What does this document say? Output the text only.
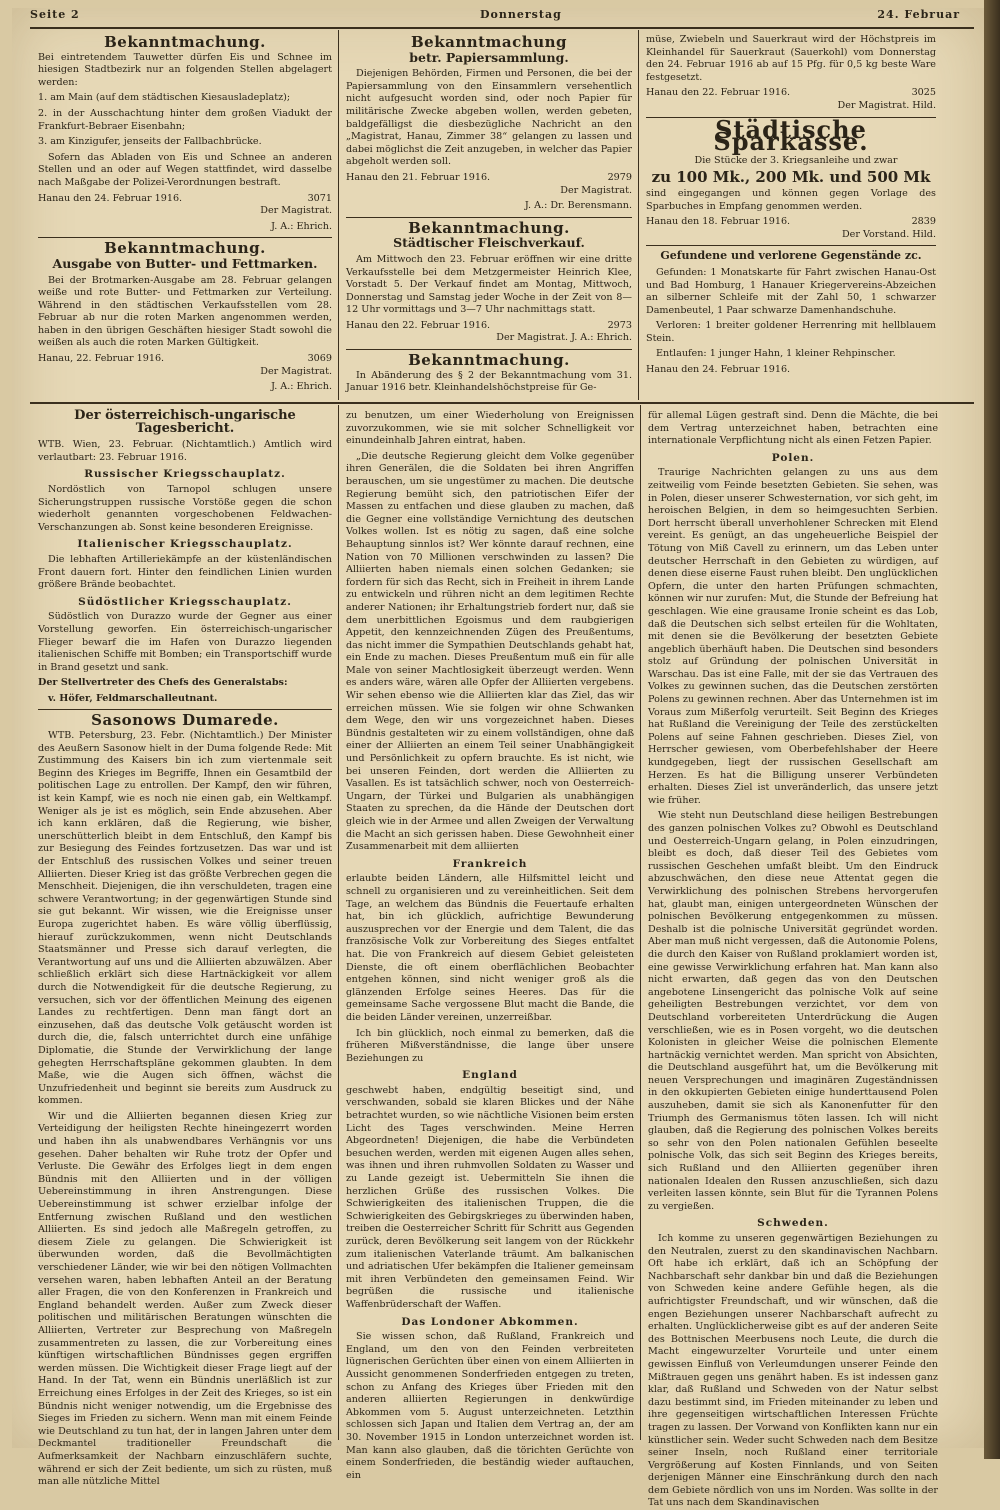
Seite 2	Donnerstag	24. Februar
Bekanntmachung.

Bei eintretendem Tauwetter dürfen Eis und Schnee im hiesigen Stadtbezirk nur an folgenden Stellen abgelagert werden:

1. am Main (auf dem städtischen Kiesausladeplatz);

2. in der Ausschachtung hinter dem großen Viadukt der Frankfurt-Bebraer Eisenbahn;

3. am Kinzigufer, jenseits der Fallbachbrücke.

Sofern das Abladen von Eis und Schnee an anderen Stellen und an oder auf Wegen stattfindet, wird dasselbe nach Maßgabe der Polizei-Verordnungen bestraft.

Hanau den 24. Februar 1916.	3071

Der Magistrat.

J. A.: Ehrich.

Bekanntmachung.
Ausgabe von Butter- und Fettmarken.

Bei der Brotmarken-Ausgabe am 28. Februar gelangen weiße und rote Butter- und Fettmarken zur Verteilung. Während in den städtischen Verkaufsstellen vom 28. Februar ab nur die roten Marken angenommen werden, haben in den übrigen Geschäften hiesiger Stadt sowohl die weißen als auch die roten Marken Gültigkeit.

Hanau, 22. Februar 1916.	3069

Der Magistrat.

J. A.: Ehrich.

Bekanntmachung
betr. Papiersammlung.

Diejenigen Behörden, Firmen und Personen, die bei der Papiersammlung von den Einsammlern versehentlich nicht aufgesucht worden sind, oder noch Papier für militärische Zwecke abgeben wollen, werden gebeten, baldgefälligst die diesbezügliche Nachricht an den „Magistrat, Hanau, Zimmer 38“ gelangen zu lassen und dabei möglichst die Zeit anzugeben, in welcher das Papier abgeholt werden soll.

Hanau den 21. Februar 1916.	2979

Der Magistrat.

J. A.: Dr. Berensmann.

Bekanntmachung.
Städtischer Fleischverkauf.

Am Mittwoch den 23. Februar eröffnen wir eine dritte Verkaufsstelle bei dem Metzgermeister Heinrich Klee, Vorstadt 5. Der Verkauf findet am Montag, Mittwoch, Donnerstag und Samstag jeder Woche in der Zeit von 8—12 Uhr vormittags und 3—7 Uhr nachmittags statt.

Hanau den 22. Februar 1916.	2973

Der Magistrat. J. A.: Ehrich.

Bekanntmachung.

In Abänderung des § 2 der Bekanntmachung vom 31. Januar 1916 betr. Kleinhandelshöchstpreise für Ge-

müse, Zwiebeln und Sauerkraut wird der Höchstpreis im Kleinhandel für Sauerkraut (Sauerkohl) vom Donnerstag den 24. Februar 1916 ab auf 15 Pfg. für 0,5 kg beste Ware festgesetzt.

Hanau den 22. Februar 1916.	3025

Der Magistrat. Hild.

Städtische Sparkasse.

Die Stücke der 3. Kriegsanleihe und zwar

zu 100 Mk., 200 Mk. und 500 Mk

sind eingegangen und können gegen Vorlage des Sparbuches in Empfang genommen werden.

Hanau den 18. Februar 1916.	2839

Der Vorstand. Hild.

Gefundene und verlorene Gegenstände zc.

Gefunden: 1 Monatskarte für Fahrt zwischen Hanau-Ost und Bad Homburg, 1 Hanauer Kriegervereins-Abzeichen an silberner Schleife mit der Zahl 50, 1 schwarzer Damenbeutel, 1 Paar schwarze Damenhandschuhe.

Verloren: 1 breiter goldener Herrenring mit hellblauem Stein.

Entlaufen: 1 junger Hahn, 1 kleiner Rehpinscher.

Hanau den 24. Februar 1916.

Der österreichisch-ungarische Tagesbericht.

WTB. Wien, 23. Februar. (Nichtamtlich.) Amtlich wird verlautbart: 23. Februar 1916.

Russischer Kriegsschauplatz.

Nordöstlich von Tarnopol schlugen unsere Sicherungstruppen russische Vorstöße gegen die schon wiederholt genannten vorgeschobenen Feldwachen-Verschanzungen ab. Sonst keine besonderen Ereignisse.

Italienischer Kriegsschauplatz.

Die lebhaften Artilleriekämpfe an der küstenländischen Front dauern fort. Hinter den feindlichen Linien wurden größere Brände beobachtet.

Südöstlicher Kriegsschauplatz.

Südöstlich von Durazzo wurde der Gegner aus einer Vorstellung geworfen. Ein österreichisch-ungarischer Flieger bewarf die im Hafen von Durazzo liegenden italienischen Schiffe mit Bomben; ein Transportschiff wurde in Brand gesetzt und sank.

Der Stellvertreter des Chefs des Generalstabs:

v. Höfer, Feldmarschalleutnant.

Sasonows Dumarede.

WTB. Petersburg, 23. Febr. (Nichtamtlich.) Der Minister des Aeußern Sasonow hielt in der Duma folgende Rede: Mit Zustimmung des Kaisers bin ich zum viertenmale seit Beginn des Krieges im Begriffe, Ihnen ein Gesamtbild der politischen Lage zu entrollen. Der Kampf, den wir führen, ist kein Kampf, wie es noch nie einen gab, ein Weltkampf. Weniger als je ist es möglich, sein Ende abzusehen. Aber ich kann erklären, daß die Regierung, wie bisher, unerschütterlich bleibt in dem Entschluß, den Kampf bis zur Besiegung des Feindes fortzusetzen. Das war und ist der Entschluß des russischen Volkes und seiner treuen Alliierten. Dieser Krieg ist das größte Verbrechen gegen die Menschheit. Diejenigen, die ihn verschuldeten, tragen eine schwere Verantwortung; in der gegenwärtigen Stunde sind sie gut bekannt. Wir wissen, wie die Ereignisse unser Europa zugerichtet haben. Es wäre völlig überflüssig, hierauf zurückzukommen, wenn nicht Deutschlands Staatsmänner und Presse sich darauf verlegten, die Verantwortung auf uns und die Alliierten abzuwälzen. Aber schließlich erklärt sich diese Hartnäckigkeit vor allem durch die Notwendigkeit für die deutsche Regierung, zu versuchen, sich vor der öffentlichen Meinung des eigenen Landes zu rechtfertigen. Denn man fängt dort an einzusehen, daß das deutsche Volk getäuscht worden ist durch die, die, falsch unterrichtet durch eine unfähige Diplomatie, die Stunde der Verwirklichung der lange gehegten Herrschaftspläne gekommen glaubten. In dem Maße, wie die Augen sich öffnen, wächst die Unzufriedenheit und beginnt sie bereits zum Ausdruck zu kommen.

Wir und die Alliierten begannen diesen Krieg zur Verteidigung der heiligsten Rechte hineingezerrt worden und haben ihn als unabwendbares Verhängnis vor uns gesehen. Daher behalten wir Ruhe trotz der Opfer und Verluste. Die Gewähr des Erfolges liegt in dem engen Bündnis mit den Alliierten und in der völligen Uebereinstimmung in ihren Anstrengungen. Diese Uebereinstimmung ist schwer erzielbar infolge der Entfernung zwischen Rußland und den westlichen Alliierten. Es sind jedoch alle Maßregeln getroffen, zu diesem Ziele zu gelangen. Die Schwierigkeit ist überwunden worden, daß die Bevollmächtigten verschiedener Länder, wie wir bei den nötigen Vollmachten versehen waren, haben lebhaften Anteil an der Beratung aller Fragen, die von den Konferenzen in Frankreich und England behandelt werden. Außer zum Zweck dieser politischen und militärischen Beratungen wünschten die Alliierten, Vertreter zur Besprechung von Maßregeln zusammentreten zu lassen, die zur Vorbereitung eines künftigen wirtschaftlichen Bündnisses gegen ergriffen werden müssen. Die Wichtigkeit dieser Frage liegt auf der Hand. In der Tat, wenn ein Bündnis unerläßlich ist zur Erreichung eines Erfolges in der Zeit des Krieges, so ist ein Bündnis nicht weniger notwendig, um die Ergebnisse des Sieges im Frieden zu sichern. Wenn man mit einem Feinde wie Deutschland zu tun hat, der in langen Jahren unter dem Deckmantel traditioneller Freundschaft die Aufmerksamkeit der Nachbarn einzuschläfern suchte, während er sich der Zeit bediente, um sich zu rüsten, muß man alle nützliche Mittel

zu benutzen, um einer Wiederholung von Ereignissen zuvorzukommen, wie sie mit solcher Schnelligkeit vor einundeinhalb Jahren eintrat, haben.

„Die deutsche Regierung gleicht dem Volke gegenüber ihren Generälen, die die Soldaten bei ihren Angriffen berauschen, um sie ungestümer zu machen. Die deutsche Regierung bemüht sich, den patriotischen Eifer der Massen zu entfachen und diese glauben zu machen, daß die Gegner eine vollständige Vernichtung des deutschen Volkes wollen. Ist es nötig zu sagen, daß eine solche Behauptung sinnlos ist? Wer könnte darauf rechnen, eine Nation von 70 Millionen verschwinden zu lassen? Die Alliierten haben niemals einen solchen Gedanken; sie fordern für sich das Recht, sich in Freiheit in ihrem Lande zu entwickeln und rühren nicht an dem legitimen Rechte anderer Nationen; ihr Erhaltungstrieb fordert nur, daß sie dem unerbittlichen Egoismus und dem raubgierigen Appetit, den kennzeichnenden Zügen des Preußentums, das nicht immer die Sympathien Deutschlands gehabt hat, ein Ende zu machen. Dieses Preußentum muß ein für alle Male von seiner Machtlosigkeit überzeugt werden. Wenn es anders wäre, wären alle Opfer der Alliierten vergebens. Wir sehen ebenso wie die Alliierten klar das Ziel, das wir erreichen müssen. Wie sie folgen wir ohne Schwanken dem Wege, den wir uns vorgezeichnet haben. Dieses Bündnis gestalteten wir zu einem vollständigen, ohne daß einer der Alliierten an einem Teil seiner Unabhängigkeit und Persönlichkeit zu opfern brauchte. Es ist nicht, wie bei unseren Feinden, dort werden die Alliierten zu Vasallen. Es ist tatsächlich schwer, noch von Oesterreich-Ungarn, der Türkei und Bulgarien als unabhängigen Staaten zu sprechen, da die Hände der Deutschen dort gleich wie in der Armee und allen Zweigen der Verwaltung die Macht an sich gerissen haben. Diese Gewohnheit einer Zusammenarbeit mit dem alliierten

Frankreich

erlaubte beiden Ländern, alle Hilfsmittel leicht und schnell zu organisieren und zu vereinheitlichen. Seit dem Tage, an welchem das Bündnis die Feuertaufe erhalten hat, bin ich glücklich, aufrichtige Bewunderung auszusprechen vor der Energie und dem Talent, die das französische Volk zur Vorbereitung des Sieges entfaltet hat. Die von Frankreich auf diesem Gebiet geleisteten Dienste, die oft einem oberflächlichen Beobachter entgehen können, sind nicht weniger groß als die glänzenden Erfolge seines Heeres. Das für die gemeinsame Sache vergossene Blut macht die Bande, die die beiden Länder vereinen, unzerreißbar.

Ich bin glücklich, noch einmal zu bemerken, daß die früheren Mißverständnisse, die lange über unsere Beziehungen zu

England

geschwebt haben, endgültig beseitigt sind, und verschwanden, sobald sie klaren Blickes und der Nähe betrachtet wurden, so wie nächtliche Visionen beim ersten Licht des Tages verschwinden. Meine Herren Abgeordneten! Diejenigen, die habe die Verbündeten besuchen werden, werden mit eigenen Augen alles sehen, was ihnen und ihren ruhmvollen Soldaten zu Wasser und zu Lande gezeigt ist. Uebermitteln Sie ihnen die herzlichen Grüße des russischen Volkes. Die Schwierigkeiten des italienischen Truppen, die die Schwierigkeiten des Gebirgskrieges zu überwinden haben, treiben die Oesterreicher Schritt für Schritt aus Gegenden zurück, deren Bevölkerung seit langem von der Rückkehr zum italienischen Vaterlande träumt. Am balkanischen und adriatischen Ufer bekämpfen die Italiener gemeinsam mit ihren Verbündeten den gemeinsamen Feind. Wir begrüßen die russische und italienische Waffenbrüderschaft der Waffen.

Das Londoner Abkommen.

Sie wissen schon, daß Rußland, Frankreich und England, um den von den Feinden verbreiteten lügnerischen Gerüchten über einen von einem Alliierten in Aussicht genommenen Sonderfrieden entgegen zu treten, schon zu Anfang des Krieges über Frieden mit den anderen alliierten Regierungen in denkwürdige Abkommen vom 5. August unterzeichneten. Letzthin schlossen sich Japan und Italien dem Vertrag an, der am 30. November 1915 in London unterzeichnet worden ist. Man kann also glauben, daß die törichten Gerüchte von einem Sonderfrieden, die beständig wieder auftauchen, ein

für allemal Lügen gestraft sind. Denn die Mächte, die bei dem Vertrag unterzeichnet haben, betrachten eine internationale Verpflichtung nicht als einen Fetzen Papier.

Polen.

Traurige Nachrichten gelangen zu uns aus dem zeitweilig vom Feinde besetzten Gebieten. Sie sehen, was in Polen, dieser unserer Schwesternation, vor sich geht, im heroischen Belgien, in dem so heimgesuchten Serbien. Dort herrscht überall unverhohlener Schrecken mit Elend vereint. Es genügt, an das ungeheuerliche Beispiel der Tötung von Miß Cavell zu erinnern, um das Leben unter deutscher Herrschaft in den Gebieten zu würdigen, auf denen diese eiserne Faust ruhen bleibt. Den unglücklichen Opfern, die unter den harten Prüfungen schmachten, können wir nur zurufen: Mut, die Stunde der Befreiung hat geschlagen. Wie eine grausame Ironie scheint es das Lob, daß die Deutschen sich selbst erteilen für die Wohltaten, mit denen sie die Bevölkerung der besetzten Gebiete angeblich überhäuft haben. Die Deutschen sind besonders stolz auf Gründung der polnischen Universität in Warschau. Das ist eine Falle, mit der sie das Vertrauen des Volkes zu gewinnen suchen, das die Deutschen zerstörten Polens zu gewinnen rechnen. Aber das Unternehmen ist im Voraus zum Mißerfolg verurteilt. Seit Beginn des Krieges hat Rußland die Vereinigung der Teile des zerstückelten Polens auf seine Fahnen geschrieben. Dieses Ziel, von Herrscher gewiesen, vom Oberbefehlshaber der Heere kundgegeben, liegt der russischen Gesellschaft am Herzen. Es hat die Billigung unserer Verbündeten erhalten. Dieses Ziel ist unveränderlich, das unsere jetzt wie früher.

Wie steht nun Deutschland diese heiligen Bestrebungen des ganzen polnischen Volkes zu? Obwohl es Deutschland und Oesterreich-Ungarn gelang, in Polen einzudringen, bleibt es doch, daß dieser Teil des Gebietes vom russischen Geschehen umfaßt bleibt. Um den Eindruck abzuschwächen, den diese neue Attentat gegen die Verwirklichung des polnischen Strebens hervorgerufen hat, glaubt man, einigen untergeordneten Wünschen der polnischen Bevölkerung entgegenkommen zu müssen. Deshalb ist die polnische Universität gegründet worden. Aber man muß nicht vergessen, daß die Autonomie Polens, die durch den Kaiser von Rußland proklamiert worden ist, eine gewisse Verwirklichung erfahren hat. Man kann also nicht erwarten, daß gegen das von den Deutschen angebotene Linsengericht das polnische Volk auf seine geheiligten Bestrebungen verzichtet, vor dem von Deutschland vorbereiteten Unterdrückung die Augen verschließen, wie es in Posen vorgeht, wo die deutschen Kolonisten in gleicher Weise die polnischen Elemente hartnäckig vernichtet werden. Man spricht von Absichten, die Deutschland ausgeführt hat, um die Bevölkerung mit neuen Versprechungen und imaginären Zugeständnissen in den okkupierten Gebieten einige hunderttausend Polen auszuheben, damit sie sich als Kanonenfutter für den Triumph des Germanismus töten lassen. Ich will nicht glauben, daß die Regierung des polnischen Volkes bereits so sehr von den Polen nationalen Gefühlen beseelte polnische Volk, das sich seit Beginn des Krieges bereits, sich Rußland und den Alliierten gegenüber ihren nationalen Idealen den Russen anzuschließen, sich dazu verleiten lassen könnte, sein Blut für die Tyrannen Polens zu vergießen.

Schweden.

Ich komme zu unseren gegenwärtigen Beziehungen zu den Neutralen, zuerst zu den skandinavischen Nachbarn. Oft habe ich erklärt, daß ich an Schöpfung der Nachbarschaft sehr dankbar bin und daß die Beziehungen von Schweden keine andere Gefühle hegen, als die aufrichtigster Freundschaft, und wir wünschen, daß die engen Beziehungen unserer Nachbarschaft aufrecht zu erhalten. Unglücklicherweise gibt es auf der anderen Seite des Bottnischen Meerbusens noch Leute, die durch die Macht eingewurzelter Vorurteile und unter einem gewissen Einfluß von Verleumdungen unserer Feinde den Mißtrauen gegen uns genährt haben. Es ist indessen ganz klar, daß Rußland und Schweden von der Natur selbst dazu bestimmt sind, im Frieden miteinander zu leben und ihre gegenseitigen wirtschaftlichen Interessen Früchte tragen zu lassen. Der Vorwand von Konflikten kann nur ein künstlicher sein. Weder sucht Schweden nach dem Besitze seiner Inseln, noch Rußland einer territoriale Vergrößerung auf Kosten Finnlands, und von Seiten derjenigen Männer eine Einschränkung durch den nach dem Gebiete nördlich von uns im Norden. Was sollte in der Tat uns nach dem Skandinavischen
